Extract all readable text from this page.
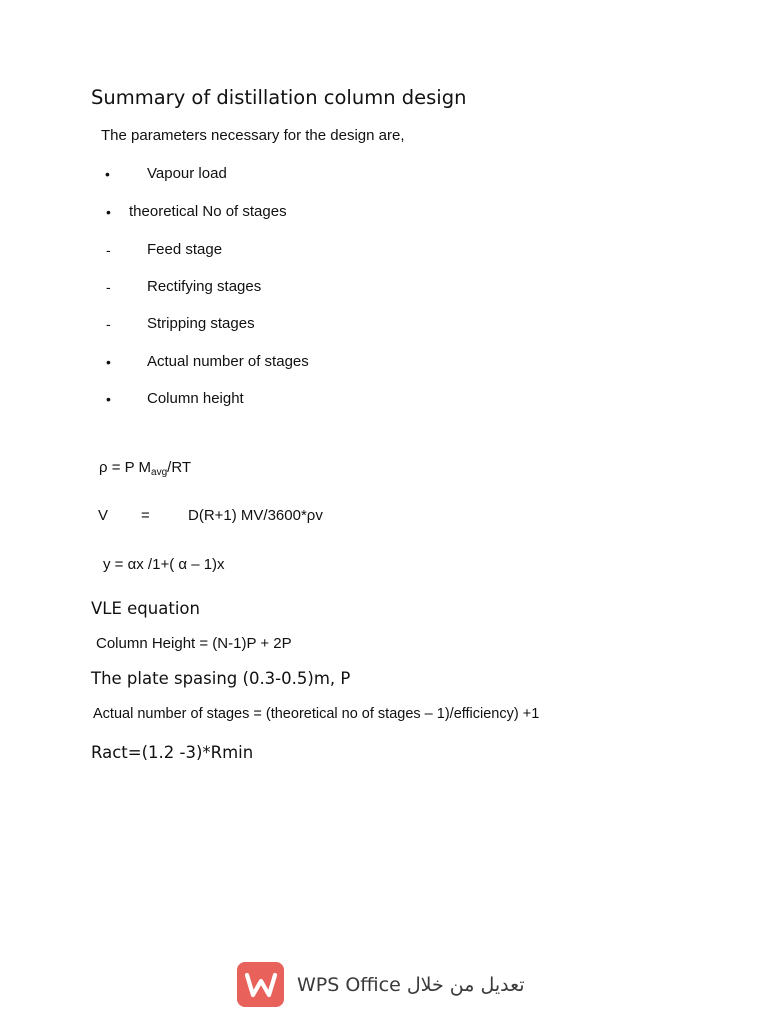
Summary of distillation column design
The parameters necessary for the design are,
• Vapour load
• theoretical No of stages
- Feed stage
- Rectifying stages
- Stripping stages
• Actual number of stages
• Column height
ρ = P $M_{avg}/RT$
V =	D(R+1) MV/3600*ρv
y = αx /1+( α – 1)x
VLE equation
Column Height = (N-1)P + 2P
The plate spasing (0.3-0.5)m, P
Actual number of stages = (theoretical no of stages – 1)/efficiency) +1
Ract=(1.2 -3)*Rmin
تعديل من خلال WPS Office
